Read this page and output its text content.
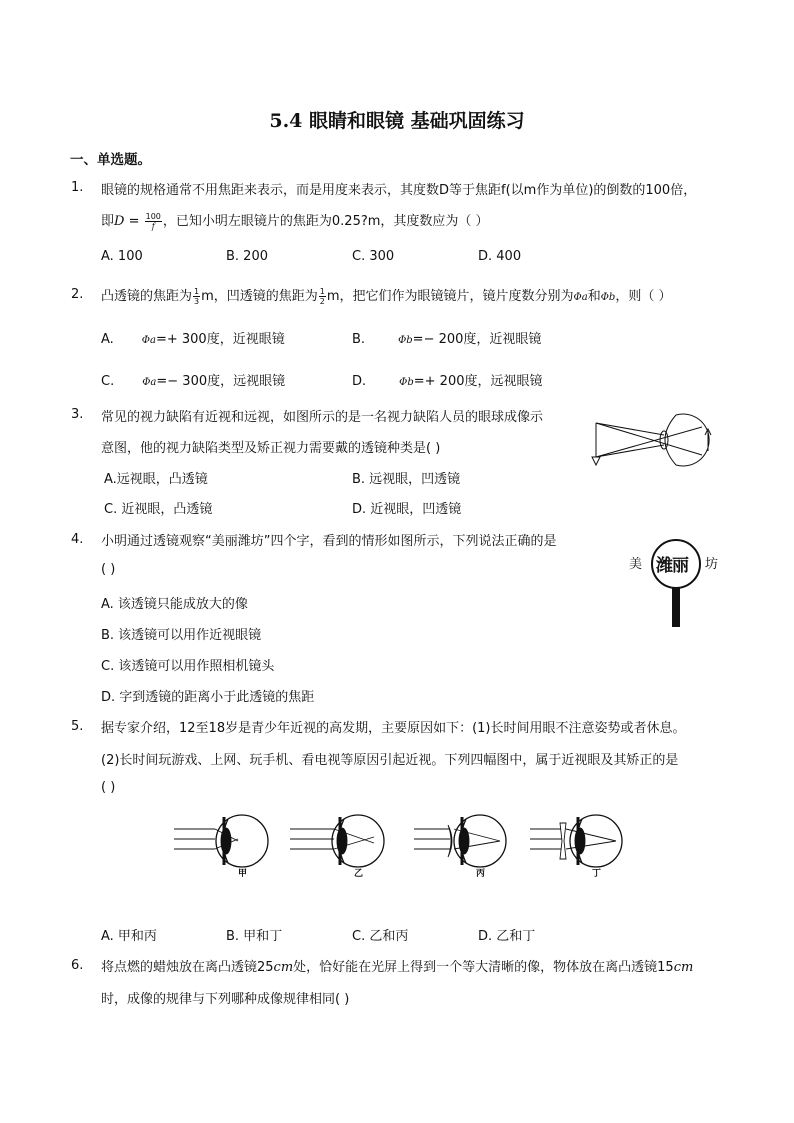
5.4 眼睛和眼镜 基础巩固练习
一、单选题。
1. 眼镜的规格通常不用焦距来表示，而是用度来表示，其度数D等于焦距f(以m作为单位)的倒数的100倍，
即$D = \frac{100}{f}$ ，已知小明左眼镜片的焦距为0.25?m，其度数应为（ ）
A. 100	B. 200	C. 300	D. 400
2. 凸透镜的焦距为 $\frac{1}{3}$ m，凹透镜的焦距为 $\frac{1}{2}$ m，把它们作为眼镜镜片，镜片度数分别为Φa和Φb，则（ ）
A.	Φa=+ 300度，近视眼镜	B.	Φb=− 200度，近视眼镜
C.	Φa=− 300度，远视眼镜	D.	Φb=+ 200度，远视眼镜
3. 常见的视力缺陷有近视和远视，如图所示的是一名视力缺陷人员的眼球成像示
意图，他的视力缺陷类型及矫正视力需要戴的透镜种类是( )
A.远视眼，凸透镜	B. 远视眼，凹透镜
C. 近视眼，凸透镜	D. 近视眼，凹透镜
4. 小明通过透镜观察“美丽潍坊”四个字，看到的情形如图所示，下列说法正确的是
( )
A. 该透镜只能成放大的像
B. 该透镜可以用作近视眼镜
C. 该透镜可以用作照相机镜头
D. 字到透镜的距离小于此透镜的焦距
美	坊
潍丽
5. 据专家介绍，12至18岁是青少年近视的高发期，主要原因如下：(1)长时间用眼不注意姿势或者休息。
(2)长时间玩游戏、上网、玩手机、看电视等原因引起近视。下列四幅图中，属于近视眼及其矫正的是
( )
甲	乙	丙	丁
A. 甲和丙	B. 甲和丁	C. 乙和丙	D. 乙和丁
6. 将点燃的蜡烛放在离凸透镜25cm处，恰好能在光屏上得到一个等大清晰的像，物体放在离凸透镜15cm
时，成像的规律与下列哪种成像规律相同( )
